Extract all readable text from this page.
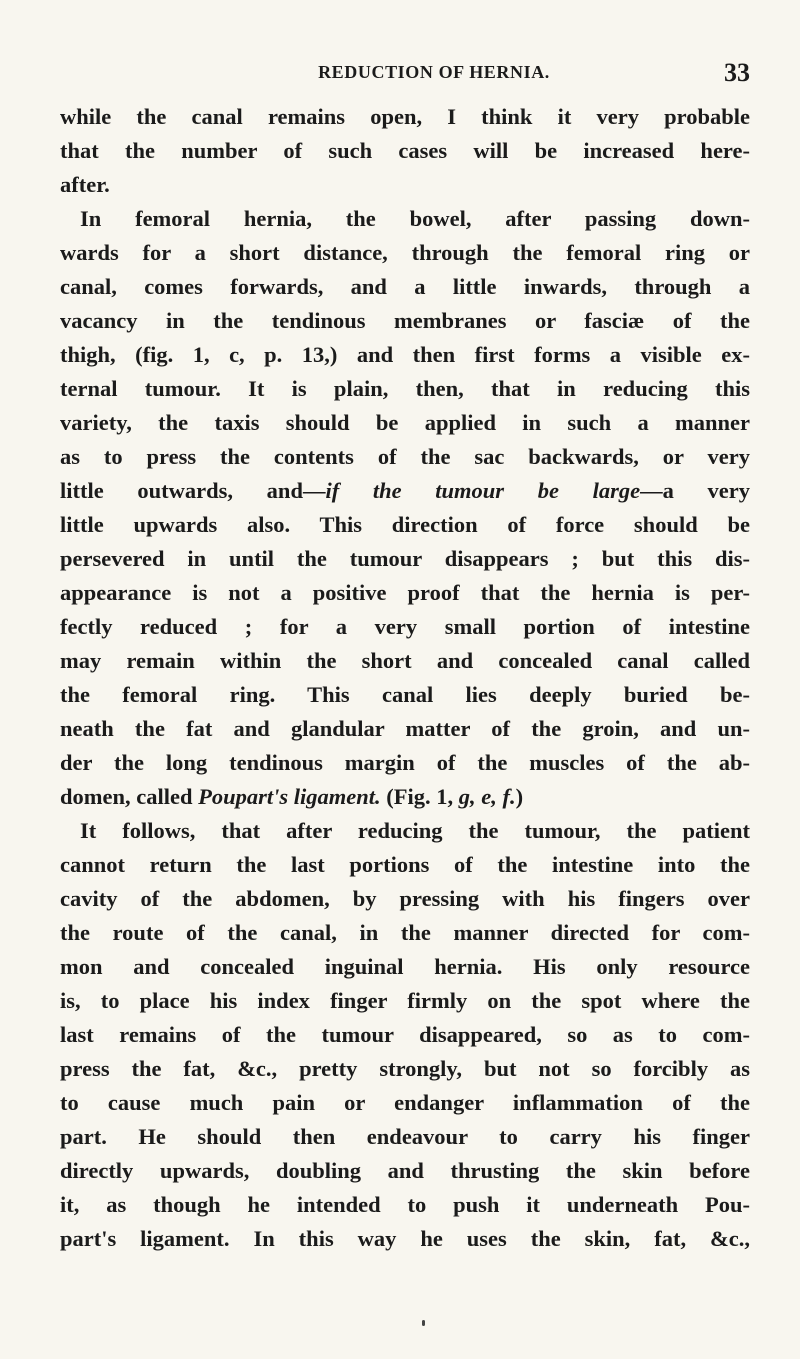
REDUCTION OF HERNIA.	33
while the canal remains open, I think it very probable
that the number of such cases will be increased here-
after.
In femoral hernia, the bowel, after passing down-
wards for a short distance, through the femoral ring or
canal, comes forwards, and a little inwards, through a
vacancy in the tendinous membranes or fasciæ of the
thigh, (fig. 1, c, p. 13,) and then first forms a visible ex-
ternal tumour. It is plain, then, that in reducing this
variety, the taxis should be applied in such a manner
as to press the contents of the sac backwards, or very
little outwards, and—if the tumour be large—a very
little upwards also. This direction of force should be
persevered in until the tumour disappears ; but this dis-
appearance is not a positive proof that the hernia is per-
fectly reduced ; for a very small portion of intestine
may remain within the short and concealed canal called
the femoral ring. This canal lies deeply buried be-
neath the fat and glandular matter of the groin, and un-
der the long tendinous margin of the muscles of the ab-
domen, called Poupart's ligament. (Fig. 1, g, e, f.)
It follows, that after reducing the tumour, the patient
cannot return the last portions of the intestine into the
cavity of the abdomen, by pressing with his fingers over
the route of the canal, in the manner directed for com-
mon and concealed inguinal hernia. His only resource
is, to place his index finger firmly on the spot where the
last remains of the tumour disappeared, so as to com-
press the fat, &c., pretty strongly, but not so forcibly as
to cause much pain or endanger inflammation of the
part. He should then endeavour to carry his finger
directly upwards, doubling and thrusting the skin before
it, as though he intended to push it underneath Pou-
part's ligament. In this way he uses the skin, fat, &c.,
